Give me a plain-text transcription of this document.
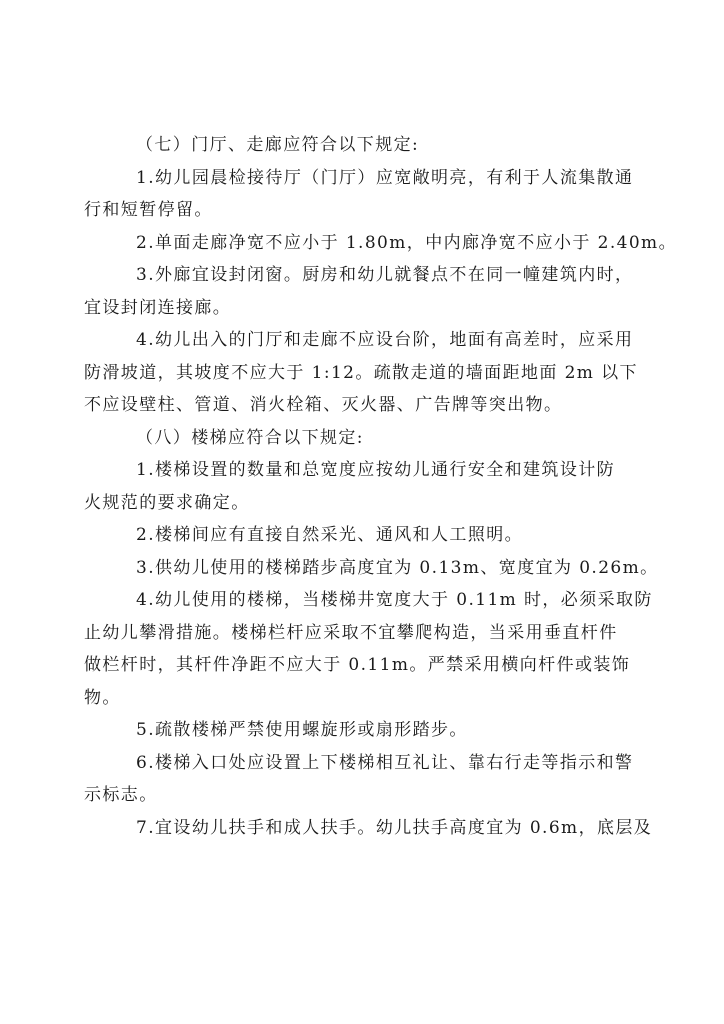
（七）门厅、走廊应符合以下规定:

1.幼儿园晨检接待厅（门厅）应宽敞明亮，有利于人流集散通

行和短暂停留。

2.单面走廊净宽不应小于 1.80m，中内廊净宽不应小于 2.40m。

3.外廊宜设封闭窗。厨房和幼儿就餐点不在同一幢建筑内时，

宜设封闭连接廊。

4.幼儿出入的门厅和走廊不应设台阶，地面有高差时，应采用

防滑坡道，其坡度不应大于 1:12。疏散走道的墙面距地面 2m 以下

不应设壁柱、管道、消火栓箱、灭火器、广告牌等突出物。

（八）楼梯应符合以下规定:

1.楼梯设置的数量和总宽度应按幼儿通行安全和建筑设计防

火规范的要求确定。

2.楼梯间应有直接自然采光、通风和人工照明。

3.供幼儿使用的楼梯踏步高度宜为 0.13m、宽度宜为 0.26m。

4.幼儿使用的楼梯，当楼梯井宽度大于 0.11m 时，必须采取防

止幼儿攀滑措施。楼梯栏杆应采取不宜攀爬构造，当采用垂直杆件

做栏杆时，其杆件净距不应大于 0.11m。严禁采用横向杆件或装饰

物。

5.疏散楼梯严禁使用螺旋形或扇形踏步。

6.楼梯入口处应设置上下楼梯相互礼让、靠右行走等指示和警

示标志。

7.宜设幼儿扶手和成人扶手。幼儿扶手高度宜为 0.6m，底层及
